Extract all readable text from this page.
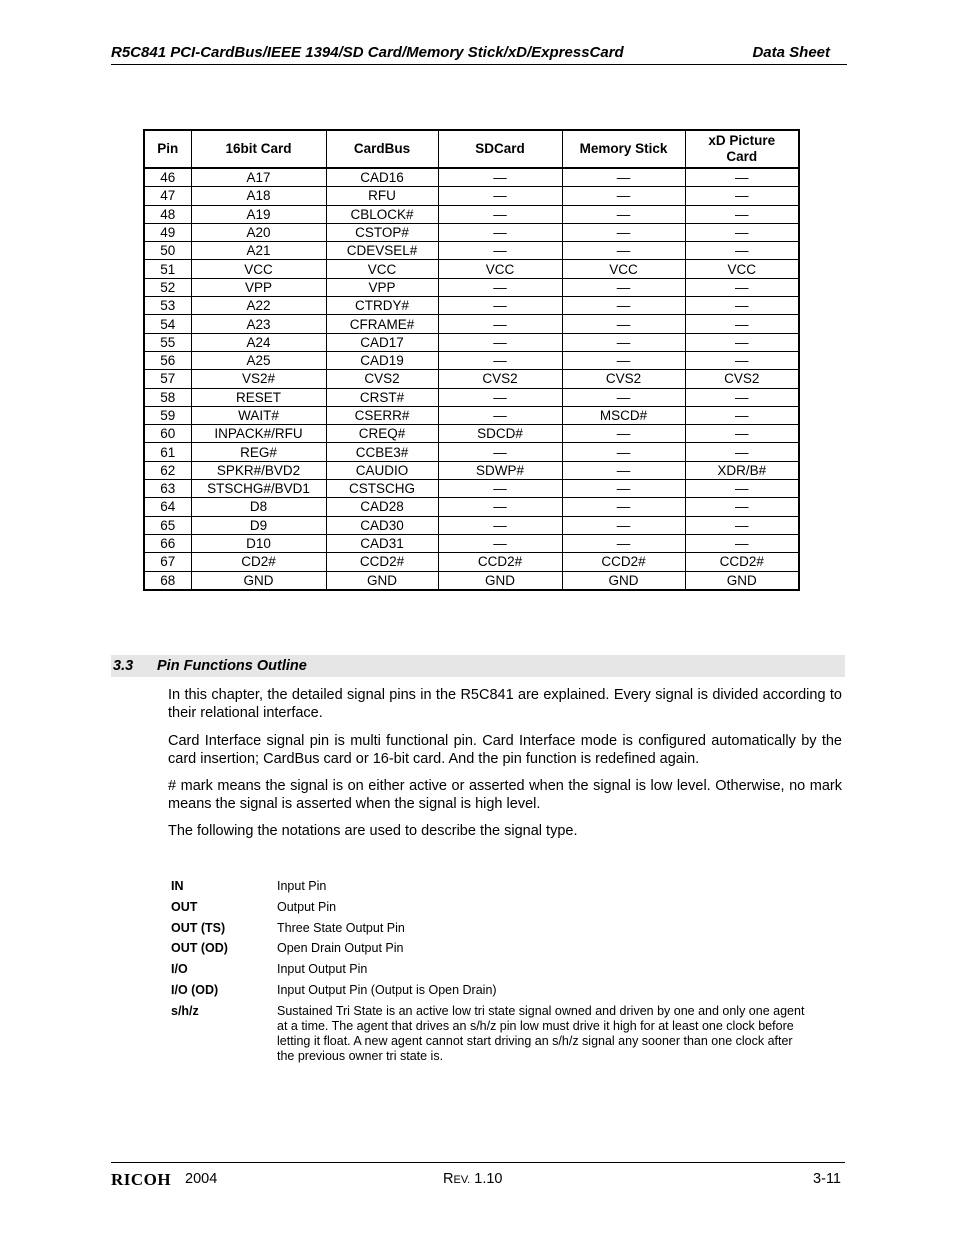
R5C841 PCI-CardBus/IEEE 1394/SD Card/Memory Stick/xD/ExpressCard	Data Sheet
Pin	16bit Card	CardBus	SDCard	Memory Stick	xD Picture Card
46	A17	CAD16	—	—	—
47	A18	RFU	—	—	—
48	A19	CBLOCK#	—	—	—
49	A20	CSTOP#	—	—	—
50	A21	CDEVSEL#	—	—	—
51	VCC	VCC	VCC	VCC	VCC
52	VPP	VPP	—	—	—
53	A22	CTRDY#	—	—	—
54	A23	CFRAME#	—	—	—
55	A24	CAD17	—	—	—
56	A25	CAD19	—	—	—
57	VS2#	CVS2	CVS2	CVS2	CVS2
58	RESET	CRST#	—	—	—
59	WAIT#	CSERR#	—	MSCD#	—
60	INPACK#/RFU	CREQ#	SDCD#	—	—
61	REG#	CCBE3#	—	—	—
62	SPKR#/BVD2	CAUDIO	SDWP#	—	XDR/B#
63	STSCHG#/BVD1	CSTSCHG	—	—	—
64	D8	CAD28	—	—	—
65	D9	CAD30	—	—	—
66	D10	CAD31	—	—	—
67	CD2#	CCD2#	CCD2#	CCD2#	CCD2#
68	GND	GND	GND	GND	GND
3.3 Pin Functions Outline

In this chapter, the detailed signal pins in the R5C841 are explained. Every signal is divided according to their relational interface.

Card Interface signal pin is multi functional pin. Card Interface mode is configured automatically by the card insertion; CardBus card or 16-bit card. And the pin function is redefined again.

# mark means the signal is on either active or asserted when the signal is low level. Otherwise, no mark means the signal is asserted when the signal is high level.

The following the notations are used to describe the signal type.

IN	Input Pin
OUT	Output Pin
OUT (TS)	Three State Output Pin
OUT (OD)	Open Drain Output Pin
I/O	Input Output Pin
I/O (OD)	Input Output Pin (Output is Open Drain)
s/h/z	Sustained Tri State is an active low tri state signal owned and driven by one and only one agent at a time. The agent that drives an s/h/z pin low must drive it high for at least one clock before letting it float. A new agent cannot start driving an s/h/z signal any sooner than one clock after the previous owner tri state is.
RICOH 2004	REV. 1.10	3-11
